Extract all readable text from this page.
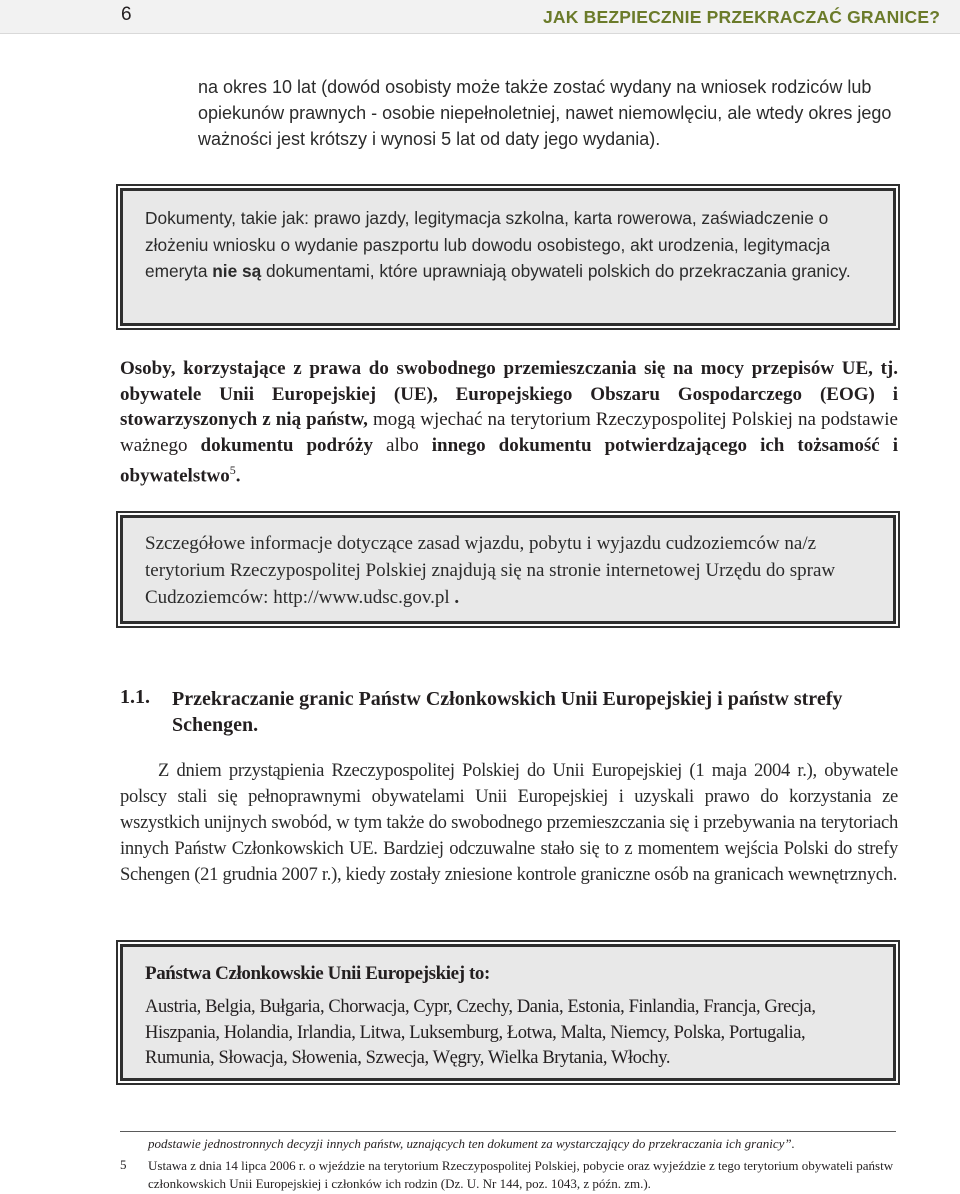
6	JAK BEZPIECZNIE PRZEKRACZAĆ GRANICE?

na okres 10 lat (dowód osobisty może także zostać wydany na wniosek rodziców lub opiekunów prawnych - osobie niepełnoletniej, nawet niemowlęciu, ale wtedy okres jego ważności jest krótszy i wynosi 5 lat od daty jego wydania).

Dokumenty, takie jak: prawo jazdy, legitymacja szkolna, karta rowerowa, zaświadczenie o złożeniu wniosku o wydanie paszportu lub dowodu osobistego, akt urodzenia, legitymacja emeryta nie są dokumentami, które uprawniają obywateli polskich do przekraczania granicy.

Osoby, korzystające z prawa do swobodnego przemieszczania się na mocy przepisów UE, tj. obywatele Unii Europejskiej (UE), Europejskiego Obszaru Gospodarczego (EOG) i stowarzyszonych z nią państw, mogą wjechać na terytorium Rzeczypospolitej Polskiej na podstawie ważnego dokumentu podróży albo innego dokumentu potwierdzającego ich tożsamość i obywatelstwo$^5$.

Szczegółowe informacje dotyczące zasad wjazdu, pobytu i wyjazdu cudzoziemców na/z terytorium Rzeczypospolitej Polskiej znajdują się na stronie internetowej Urzędu do spraw Cudzoziemców: http://www.udsc.gov.pl .

1.1. Przekraczanie granic Państw Członkowskich Unii Europejskiej i państw strefy Schengen.

Z dniem przystąpienia Rzeczypospolitej Polskiej do Unii Europejskiej (1 maja 2004 r.), obywatele polscy stali się pełnoprawnymi obywatelami Unii Europejskiej i uzyskali prawo do korzystania ze wszystkich unijnych swobód, w tym także do swobodnego przemieszczania się i przebywania na terytoriach innych Państw Członkowskich UE. Bardziej odczuwalne stało się to z momentem wejścia Polski do strefy Schengen (21 grudnia 2007 r.), kiedy zostały zniesione kontrole graniczne osób na granicach wewnętrznych.

Państwa Członkowskie Unii Europejskiej to:

Austria, Belgia, Bułgaria, Chorwacja, Cypr, Czechy, Dania, Estonia, Finlandia, Francja, Grecja, Hiszpania, Holandia, Irlandia, Litwa, Luksemburg, Łotwa, Malta, Niemcy, Polska, Portugalia, Rumunia, Słowacja, Słowenia, Szwecja, Węgry, Wielka Brytania, Włochy.

podstawie jednostronnych decyzji innych państw, uznających ten dokument za wystarczający do przekraczania ich granicy”.

5 Ustawa z dnia 14 lipca 2006 r. o wjeździe na terytorium Rzeczypospolitej Polskiej, pobycie oraz wyjeździe z tego terytorium obywateli państw członkowskich Unii Europejskiej i członków ich rodzin (Dz. U. Nr 144, poz. 1043, z późn. zm.).
